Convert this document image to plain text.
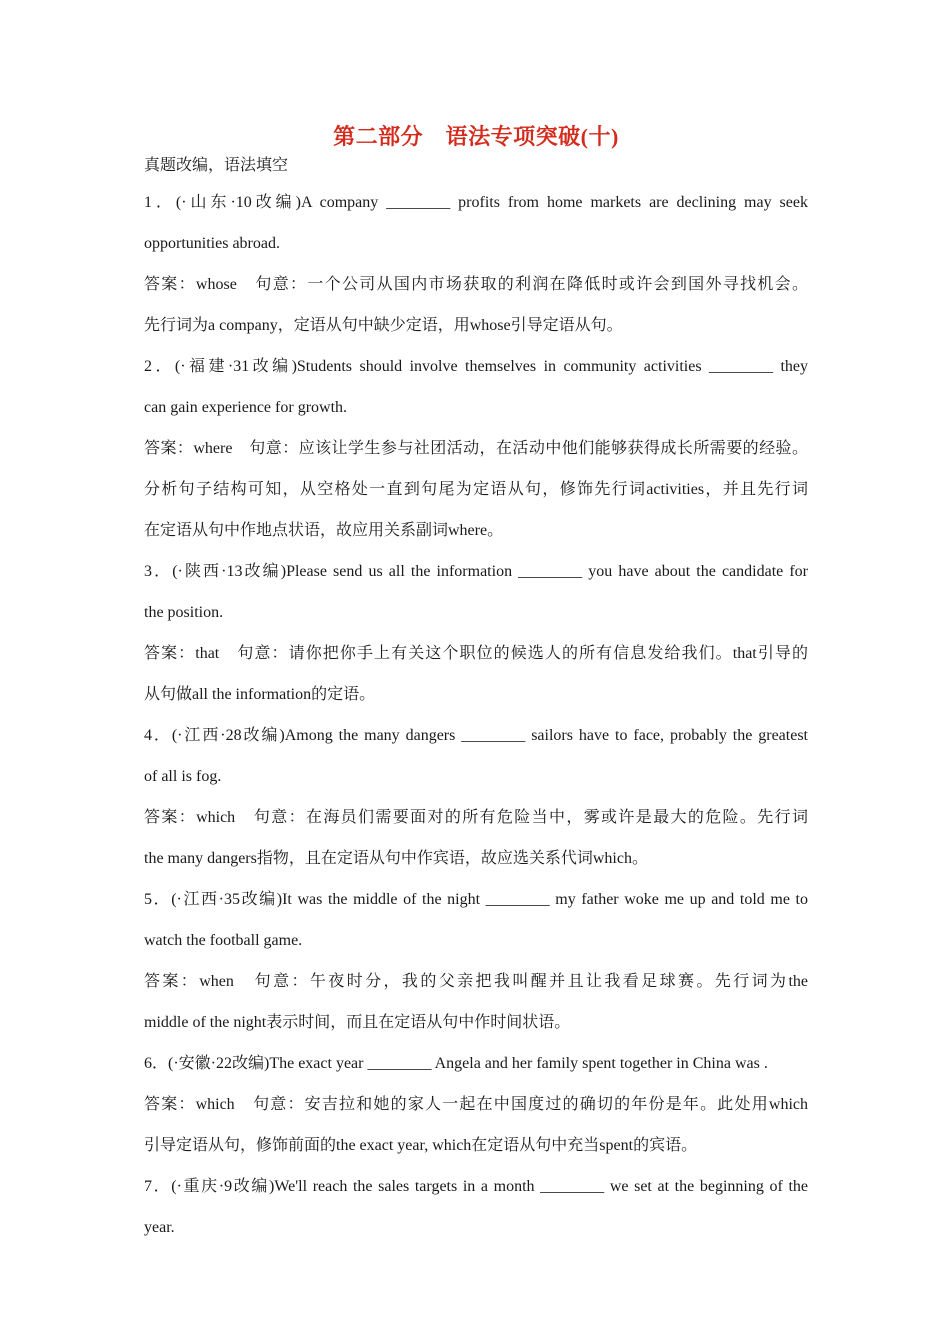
第二部分　语法专项突破(十)

真题改编，语法填空

1．(·山东·10改编)A company ________ profits from home markets are declining may seek

opportunities abroad.

答案：whose　句意：一个公司从国内市场获取的利润在降低时或许会到国外寻找机会。

先行词为a company，定语从句中缺少定语，用whose引导定语从句。

2．(·福建·31改编)Students should involve themselves in community activities ________ they

can gain experience for growth.

答案：where　句意：应该让学生参与社团活动，在活动中他们能够获得成长所需要的经验。

分析句子结构可知，从空格处一直到句尾为定语从句，修饰先行词activities，并且先行词

在定语从句中作地点状语，故应用关系副词where。

3．(·陕西·13改编)Please send us all the information ________ you have about the candidate for

the position.

答案：that　句意：请你把你手上有关这个职位的候选人的所有信息发给我们。that引导的

从句做all the information的定语。

4．(·江西·28改编)Among the many dangers ________ sailors have to face, probably the greatest

of all is fog.

答案：which　句意：在海员们需要面对的所有危险当中，雾或许是最大的危险。先行词

the many dangers指物，且在定语从句中作宾语，故应选关系代词which。

5．(·江西·35改编)It was the middle of the night ________ my father woke me up and told me to

watch the football game.

答案：when　句意：午夜时分，我的父亲把我叫醒并且让我看足球赛。先行词为the

middle of the night表示时间，而且在定语从句中作时间状语。

6．(·安徽·22改编)The exact year ________ Angela and her family spent together in China was .

答案：which　句意：安吉拉和她的家人一起在中国度过的确切的年份是年。此处用which

引导定语从句，修饰前面的the exact year, which在定语从句中充当spent的宾语。

7．(·重庆·9改编)We'll reach the sales targets in a month ________ we set at the beginning of the

year.
